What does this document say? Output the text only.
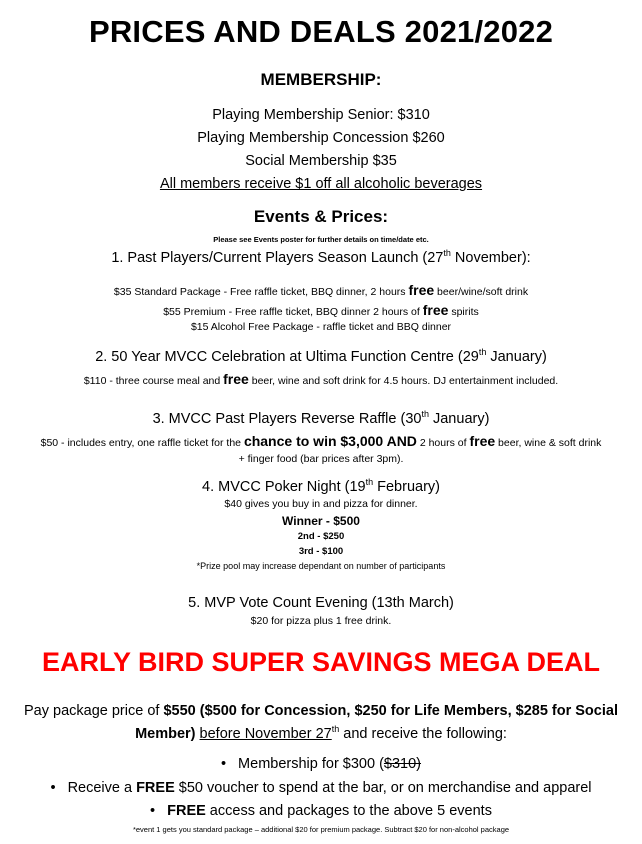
PRICES AND DEALS 2021/2022
MEMBERSHIP:
Playing Membership Senior: $310
Playing Membership Concession $260
Social Membership $35
All members receive $1 off all alcoholic beverages
Events & Prices:
Please see Events poster for further details on time/date etc.
1. Past Players/Current Players Season Launch (27th November):
$35 Standard Package - Free raffle ticket, BBQ dinner, 2 hours free beer/wine/soft drink
$55 Premium - Free raffle ticket, BBQ dinner 2 hours of free spirits
$15 Alcohol Free Package - raffle ticket and BBQ dinner
2. 50 Year MVCC Celebration at Ultima Function Centre (29th January)
$110 - three course meal and free beer, wine and soft drink for 4.5 hours. DJ entertainment included.
3. MVCC Past Players Reverse Raffle (30th January)
$50 - includes entry, one raffle ticket for the chance to win $3,000 AND 2 hours of free beer, wine & soft drink
+ finger food (bar prices after 3pm).
4. MVCC Poker Night (19th February)
$40 gives you buy in and pizza for dinner.
Winner - $500
2nd - $250
3rd - $100
*Prize pool may increase dependant on number of participants
5. MVP Vote Count Evening (13th March)
$20 for pizza plus 1 free drink.
EARLY BIRD SUPER SAVINGS MEGA DEAL
Pay package price of $550 ($500 for Concession, $250 for Life Members, $285 for Social
Member) before November 27th and receive the following:
• Membership for $300 ($310)
• Receive a FREE $50 voucher to spend at the bar, or on merchandise and apparel
• FREE access and packages to the above 5 events
*event 1 gets you standard package – additional $20 for premium package. Subtract $20 for non-alcohol package
